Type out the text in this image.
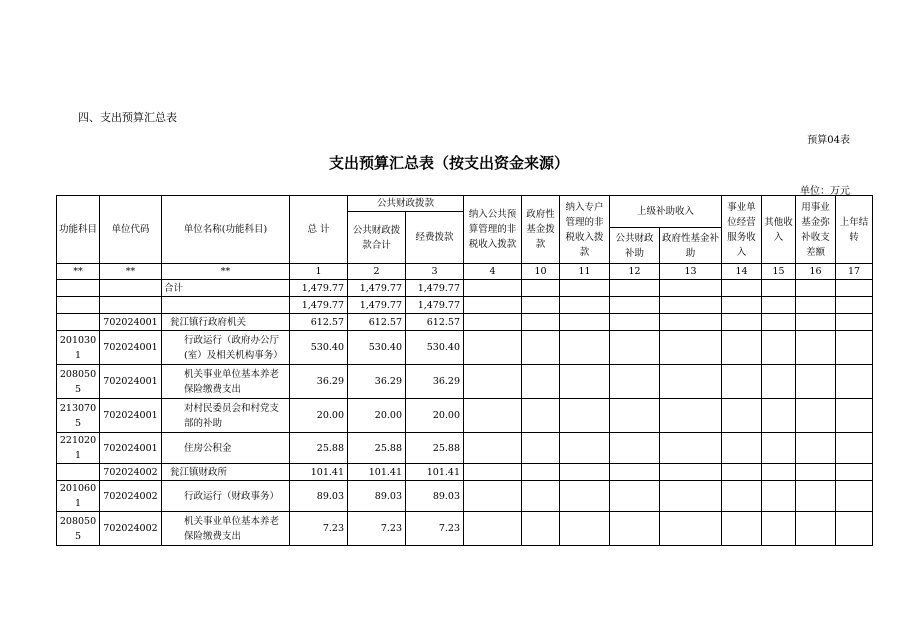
四、支出预算汇总表
预算04表
支出预算汇总表（按支出资金来源）
单位：万元
功能科目	单位代码	单位名称(功能科目)	总 计	公共财政拨款		纳入公共预算管理的非税收入拨款	政府性基金拨款	纳入专户管理的非税收入拨款	上级补助收入		事业单位经营服务收入	其他收入	用事业基金弥补收支差额	上年结转
				公共财政拨款合计	经费拨款									
									公共财政补助	政府性基金补助				
**	**	**	1	2	3	4	10	11	12	13	14	15	16	17
		合计	1,479.77	1,479.77	1,479.77									
			1,479.77	1,479.77	1,479.77									
	702024001	瓮江镇行政府机关	612.57	612.57	612.57									
2010301	702024001	行政运行（政府办公厅(室）及相关机构事务）	530.40	530.40	530.40									
2080505	702024001	机关事业单位基本养老保险缴费支出	36.29	36.29	36.29									
2130705	702024001	对村民委员会和村党支部的补助	20.00	20.00	20.00									
2210201	702024001	住房公积金	25.88	25.88	25.88									
	702024002	瓮江镇财政所	101.41	101.41	101.41									
2010601	702024002	行政运行（财政事务）	89.03	89.03	89.03									
2080505	702024002	机关事业单位基本养老保险缴费支出	7.23	7.23	7.23									
